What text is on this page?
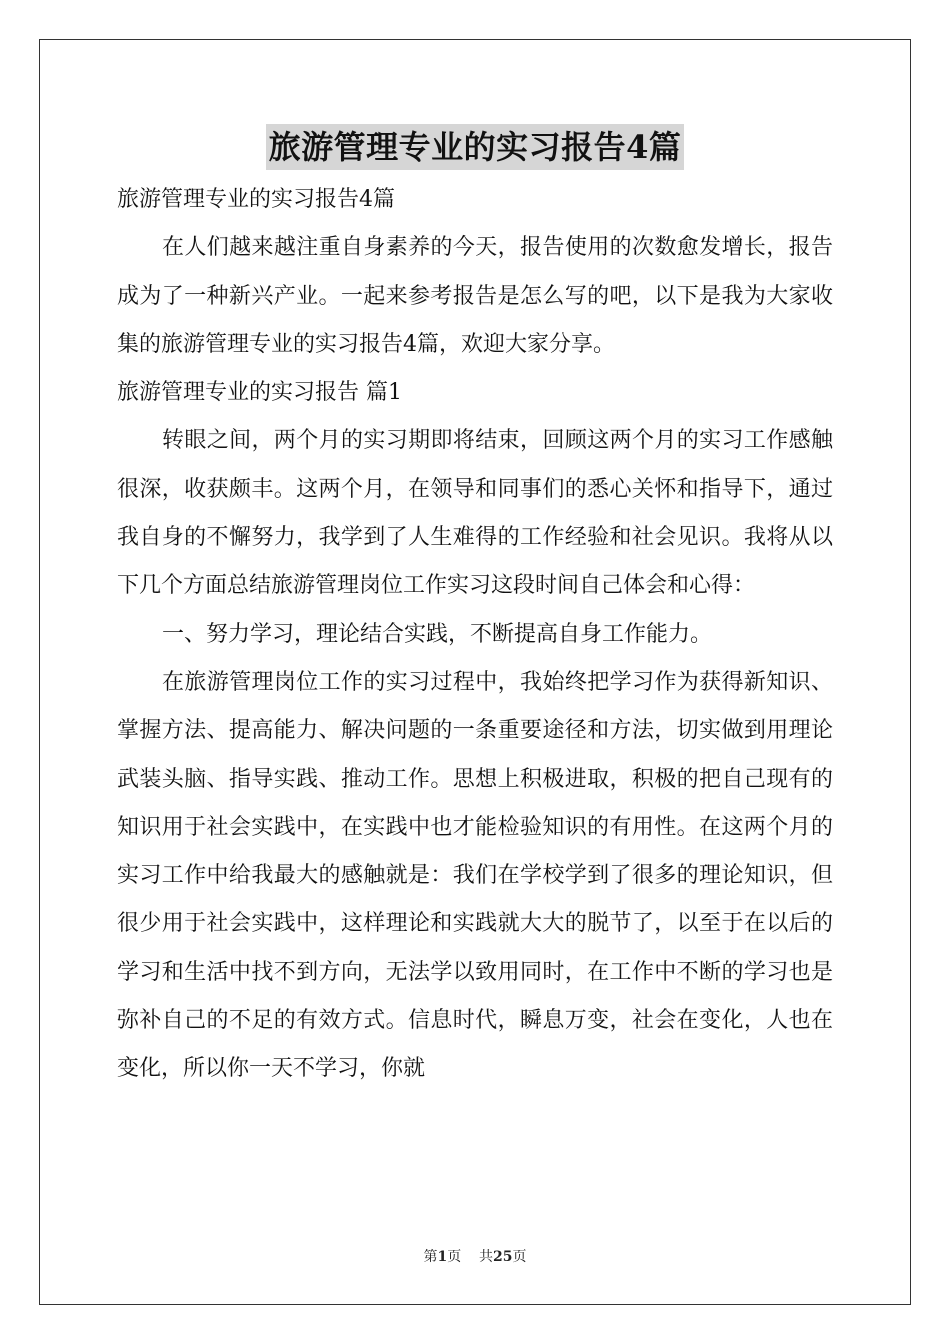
旅游管理专业的实习报告4篇

旅游管理专业的实习报告4篇

在人们越来越注重自身素养的今天，报告使用的次数愈发增长，报告成为了一种新兴产业。一起来参考报告是怎么写的吧，以下是我为大家收集的旅游管理专业的实习报告4篇，欢迎大家分享。

旅游管理专业的实习报告 篇1

转眼之间，两个月的实习期即将结束，回顾这两个月的实习工作感触很深，收获颇丰。这两个月，在领导和同事们的悉心关怀和指导下，通过我自身的不懈努力，我学到了人生难得的工作经验和社会见识。我将从以下几个方面总结旅游管理岗位工作实习这段时间自己体会和心得：

一、努力学习，理论结合实践，不断提高自身工作能力。

在旅游管理岗位工作的实习过程中，我始终把学习作为获得新知识、掌握方法、提高能力、解决问题的一条重要途径和方法，切实做到用理论武装头脑、指导实践、推动工作。思想上积极进取，积极的把自己现有的知识用于社会实践中，在实践中也才能检验知识的有用性。在这两个月的实习工作中给我最大的感触就是：我们在学校学到了很多的理论知识，但很少用于社会实践中，这样理论和实践就大大的脱节了，以至于在以后的学习和生活中找不到方向，无法学以致用同时，在工作中不断的学习也是弥补自己的不足的有效方式。信息时代，瞬息万变，社会在变化，人也在变化，所以你一天不学习，你就

第1页 共25页
